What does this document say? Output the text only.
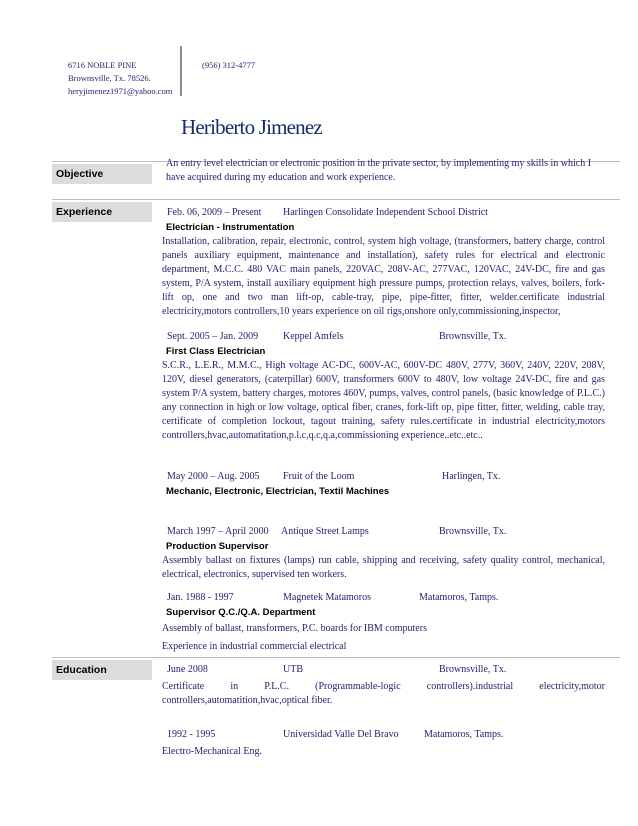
6716 NOBLE PINE
Brownsville, Tx. 78526.
heryjimenez1971@yahoo.com
(956) 312-4777
Heriberto Jimenez
Objective
An entry level electrician or electronic position in the private sector, by implementing my skills in which I have acquired during my education and work experience.
Experience	Feb. 06, 2009 – Present Harlingen Consolidate Independent School District
Electrician - Instrumentation
Installation, calibration, repair, electronic, control, system high voltage, (transformers, battery charge, control panels auxiliary equipment, maintenance and installation), safety rules for electrical and electronic department, M.C.C. 480 VAC main panels, 220VAC, 208V-AC, 277VAC, 120VAC, 24V-DC, fire and gas system, P/A system, install auxiliary equipment high pressure pumps, protection relays, valves, boilers, fork-lift op, one and two man lift-op, cable-tray, pipe, pipe-fitter, fitter, welder.certificate industrial electricity,motors controllers,10 years experience on oil rigs,onshore only,commissioning,inspector,
Sept. 2005 – Jan. 2009 Keppel Amfels	Brownsville, Tx.
First Class Electrician
S.C.R., L.E.R., M.M.C., High voltage AC-DC, 600V-AC, 600V-DC 480V, 277V, 360V, 240V, 220V, 208V, 120V, diesel generators, (caterpillar) 600V, transformers 600V to 480V, low voltage 24V-DC, fire and gas system P/A system, battery charges, motores 460V, pumps, valves, control panels, (basic knowledge of P.L.C.) any connection in high or low voltage, optical fiber, cranes, fork-lift op, pipe fitter, fitter, welding, cable tray, certificate of completion lockout, tagout training, safety rules.certificate in industrial electricity,motors controllers,hvac,automatitation,p.l.c,q.c,q.a,commissioning experience..etc..etc..
May 2000 – Aug. 2005 Fruit of the Loom	Harlingen, Tx.
Mechanic, Electronic, Electrician, Textil Machines
March 1997 – April 2000 Antique Street Lamps	Brownsville, Tx.
Production Supervisor
Assembly ballast on fixtures (lamps) run cable, shipping and receiving, safety quality control, mechanical, electrical, electronics, supervised ten workers.
Jan. 1988 - 1997	Magnetek Matamoros	Matamoros, Tamps.
Supervisor Q.C./Q.A. Department
Assembly of ballast, transformers, P.C. boards for IBM computers
Experience in industrial commercial electrical
Education	June 2008	UTB	Brownsville, Tx.
Certificate in P.L.C. (Programmable-logic controllers).industrial electricity,motor controllers,automatition,hvac,optical fiber.
1992 - 1995	Universidad Valle Del Bravo	Matamoros, Tamps.
Electro-Mechanical Eng.
